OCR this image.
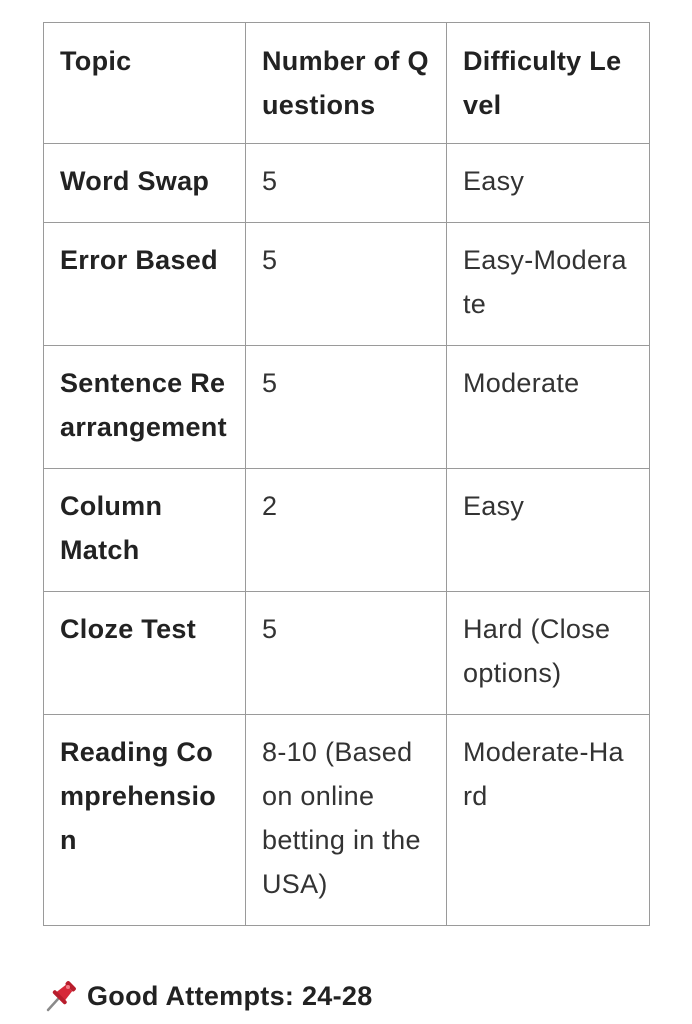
Topic	Number of Questions	Difficulty Level
Word Swap	5	Easy
Error Based	5	Easy-Moderate
Sentence Rearrangement	5	Moderate
Column Match	2	Easy
Cloze Test	5	Hard (Close options)
Reading Comprehension	8-10 (Based on online betting in the USA)	Moderate-Hard
Good Attempts: 24-28
